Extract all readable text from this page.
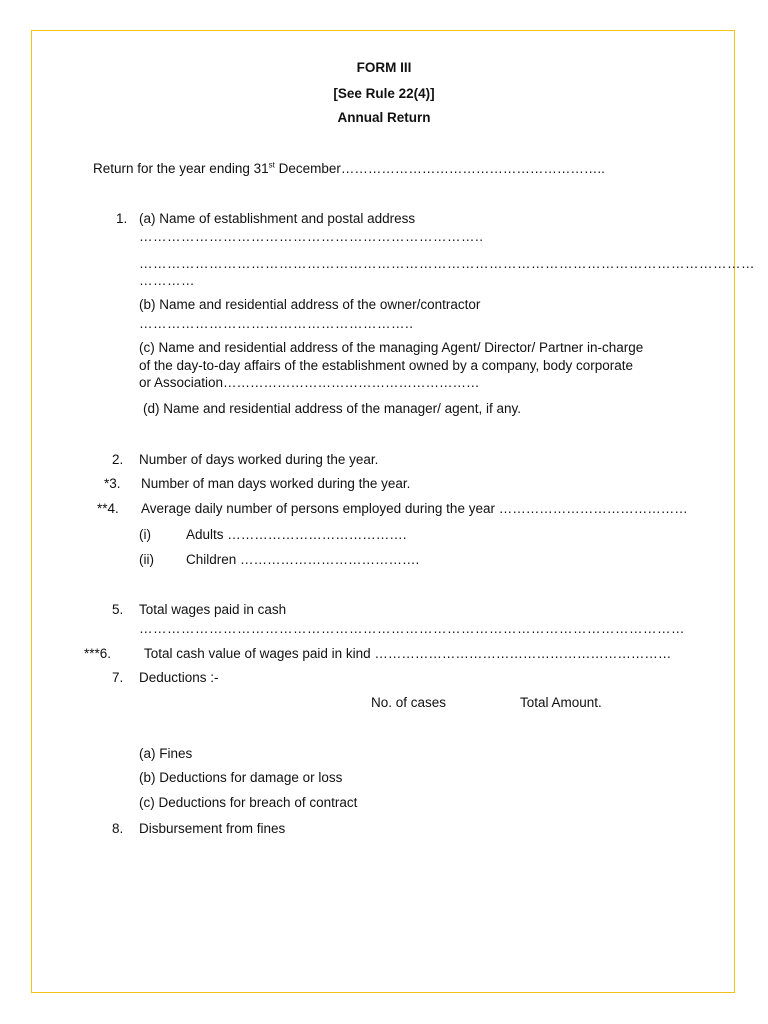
FORM III
[See Rule 22(4)]
Annual Return
Return for the year ending 31st December…………………………………………………..
1. (a) Name of establishment and postal address
………………………………………………………………..
……………………………………………………………………………………………………………………
…………
(b) Name and residential address of the owner/contractor
…………………………………………………..
(c) Name and residential address of the managing Agent/ Director/ Partner in-charge
of the day-to-day affairs of the establishment owned by a company, body corporate
or Association…………………………………………………
(d) Name and residential address of the manager/ agent, if any.
2. Number of days worked during the year.
*3. Number of man days worked during the year.
**4. Average daily number of persons employed during the year ……………………………………
(i)	Adults ………………………………….
(ii) Children ………………………………….
5. Total wages paid in cash
………………………………………………………………………………………………………
***6. Total cash value of wages paid in kind …………………………………………………………
7. Deductions :-
No. of cases	Total Amount.
(a) Fines
(b) Deductions for damage or loss
(c) Deductions for breach of contract
8. Disbursement from fines
